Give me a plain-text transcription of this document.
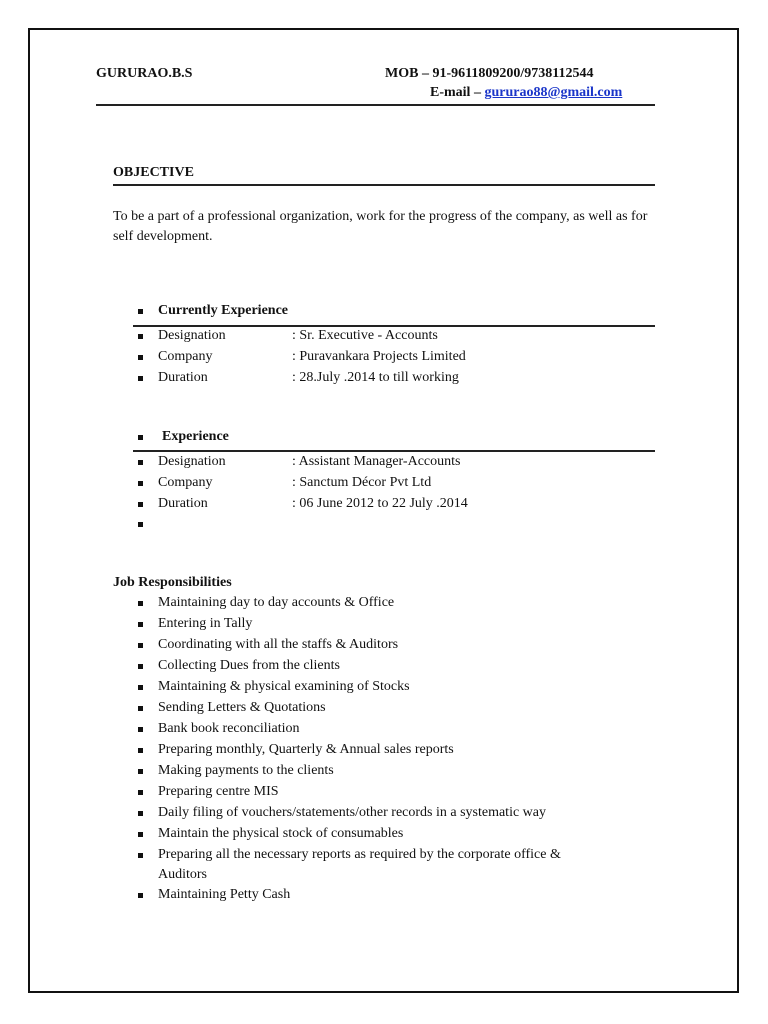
GURURAO.B.S	MOB – 91-9611809200/9738112544
E-mail – gururao88@gmail.com
OBJECTIVE
To be a part of a professional organization, work for the progress of the company, as well as for self development.
Currently Experience
Designation	: Sr. Executive - Accounts
Company	: Puravankara Projects Limited
Duration	: 28.July .2014 to till working
Experience
Designation	: Assistant Manager-Accounts
Company	: Sanctum Décor Pvt Ltd
Duration	: 06 June 2012 to 22 July .2014
Job Responsibilities
Maintaining day to day accounts & Office
Entering in Tally
Coordinating with all the staffs & Auditors
Collecting Dues from the clients
Maintaining & physical examining of Stocks
Sending Letters & Quotations
Bank book reconciliation
Preparing monthly, Quarterly & Annual sales reports
Making payments to the clients
Preparing centre MIS
Daily filing of vouchers/statements/other records in a systematic way
Maintain the physical stock of consumables
Preparing all the necessary reports as required by the corporate office &
Auditors
Maintaining Petty Cash
